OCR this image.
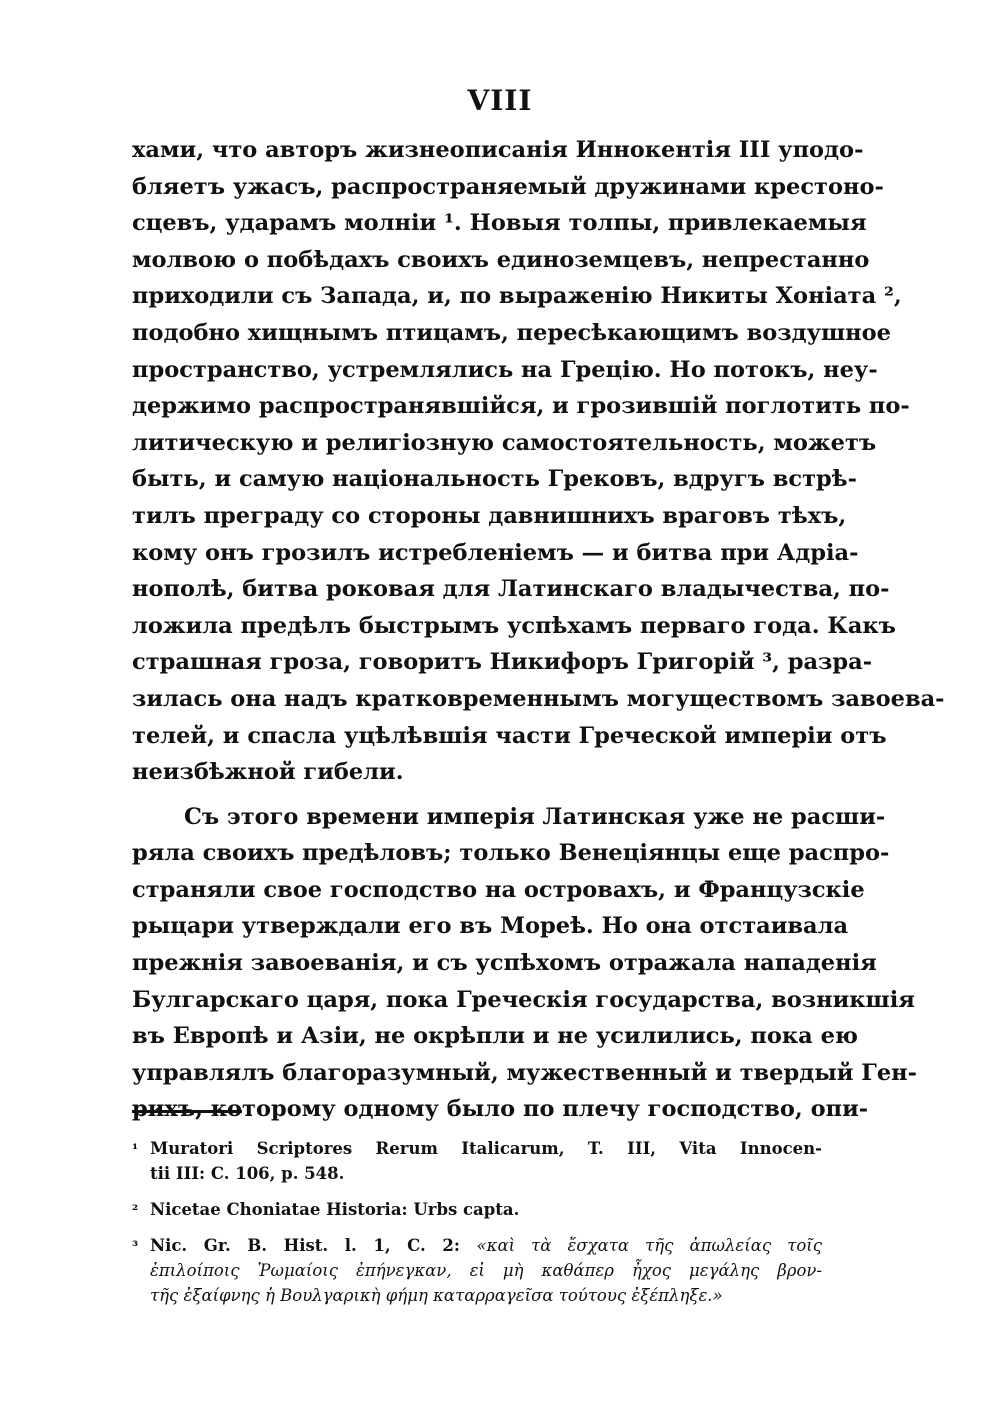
VIII
хами, что авторъ жизнеописанія Иннокентія III уподо-
бляетъ ужасъ, распространяемый дружинами крестоно-
сцевъ, ударамъ молніи ¹. Новыя толпы, привлекаемыя
молвою о побѣдахъ своихъ единоземцевъ, непрестанно
приходили съ Запада, и, по выраженію Никиты Хоніата ²,
подобно хищнымъ птицамъ, пересѣкающимъ воздушное
пространство, устремлялись на Грецію. Но потокъ, неу-
держимо распространявшійся, и грозившій поглотить по-
литическую и религіозную самостоятельность, можетъ
быть, и самую національность Грековъ, вдругъ встрѣ-
тилъ преграду со стороны давнишнихъ враговъ тѣхъ,
кому онъ грозилъ истребленіемъ — и битва при Адріа-
нополѣ, битва роковая для Латинскаго владычества, по-
ложила предѣлъ быстрымъ успѣхамъ перваго года. Какъ
страшная гроза, говоритъ Никифоръ Григорій ³, разра-
зилась она надъ кратковременнымъ могуществомъ завоева-
телей, и спасла уцѣлѣвшія части Греческой имперіи отъ
неизбѣжной гибели.
Съ этого времени имперія Латинская уже не расши-
ряла своихъ предѣловъ; только Венеціянцы еще распро-
страняли свое господство на островахъ, и Французскіе
рыцари утверждали его въ Мореѣ. Но она отстаивала
прежнія завоеванія, и съ успѣхомъ отражала нападенія
Булгарскаго царя, пока Греческія государства, возникшія
въ Европѣ и Азіи, не окрѣпли и не усилились, пока ею
управлялъ благоразумный, мужественный и твердый Ген-
рихъ, которому одному было по плечу господство, опи-
¹ Muratori Scriptores Rerum Italicarum, T. III, Vita Innocen-
tii III: C. 106, p. 548.
² Nicetae Choniatae Historia: Urbs capta.
³ Nic. Gr. B. Hist. l. 1, C. 2: «καὶ τὰ ἔσχατα τῆς ἀπωλείας τοῖς
ἐπιλοίποις Ῥωμαίοις ἐπήνεγκαν, εἰ μὴ καθάπερ ἦχος μεγάλης βρον-
τῆς ἐξαίφνης ἡ Βουλγαρικὴ φήμη καταρραγεῖσα τούτους ἐξέπληξε.»
